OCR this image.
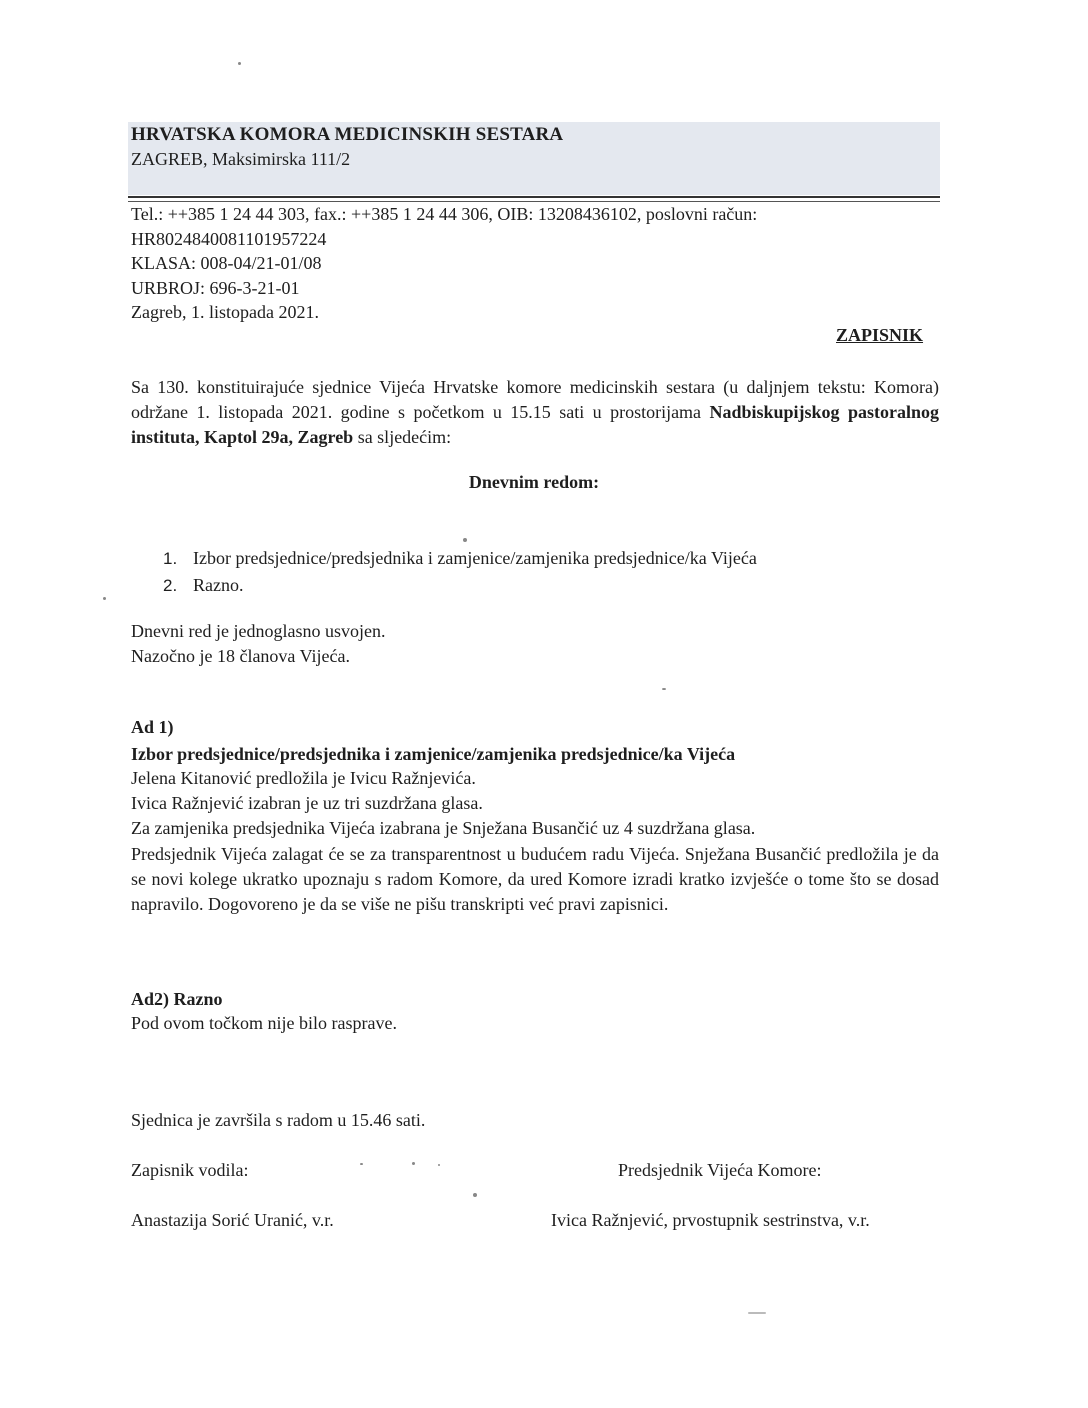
HRVATSKA KOMORA MEDICINSKIH SESTARA
ZAGREB, Maksimirska 111/2
Tel.: ++385 1 24 44 303, fax.: ++385 1 24 44 306, OIB: 13208436102, poslovni račun:
HR8024840081101957224
KLASA: 008-04/21-01/08
URBROJ: 696-3-21-01
Zagreb, 1. listopada 2021.
ZAPISNIK
Sa 130. konstituirajuće sjednice Vijeća Hrvatske komore medicinskih sestara (u daljnjem tekstu: Komora) održane 1. listopada 2021. godine s početkom u 15.15 sati u prostorijama Nadbiskupijskog pastoralnog instituta, Kaptol 29a, Zagreb sa sljedećim:
Dnevnim redom:
1. Izbor predsjednice/predsjednika i zamjenice/zamjenika predsjednice/ka Vijeća
2. Razno.
Dnevni red je jednoglasno usvojen.
Nazočno je 18 članova Vijeća.
Ad 1)
Izbor predsjednice/predsjednika i zamjenice/zamjenika predsjednice/ka Vijeća
Jelena Kitanović predložila je Ivicu Ražnjevića.
Ivica Ražnjević izabran je uz tri suzdržana glasa.
Za zamjenika predsjednika Vijeća izabrana je Snježana Busančić uz 4 suzdržana glasa.
Predsjednik Vijeća zalagat će se za transparentnost u budućem radu Vijeća. Snježana Busančić predložila je da se novi kolege ukratko upoznaju s radom Komore, da ured Komore izradi kratko izvješće o tome što se dosad napravilo. Dogovoreno je da se više ne pišu transkripti već pravi zapisnici.
Ad2) Razno
Pod ovom točkom nije bilo rasprave.
Sjednica je završila s radom u 15.46 sati.
Zapisnik vodila:	Predsjednik Vijeća Komore:
Anastazija Sorić Uranić, v.r.	Ivica Ražnjević, prvostupnik sestrinstva, v.r.
